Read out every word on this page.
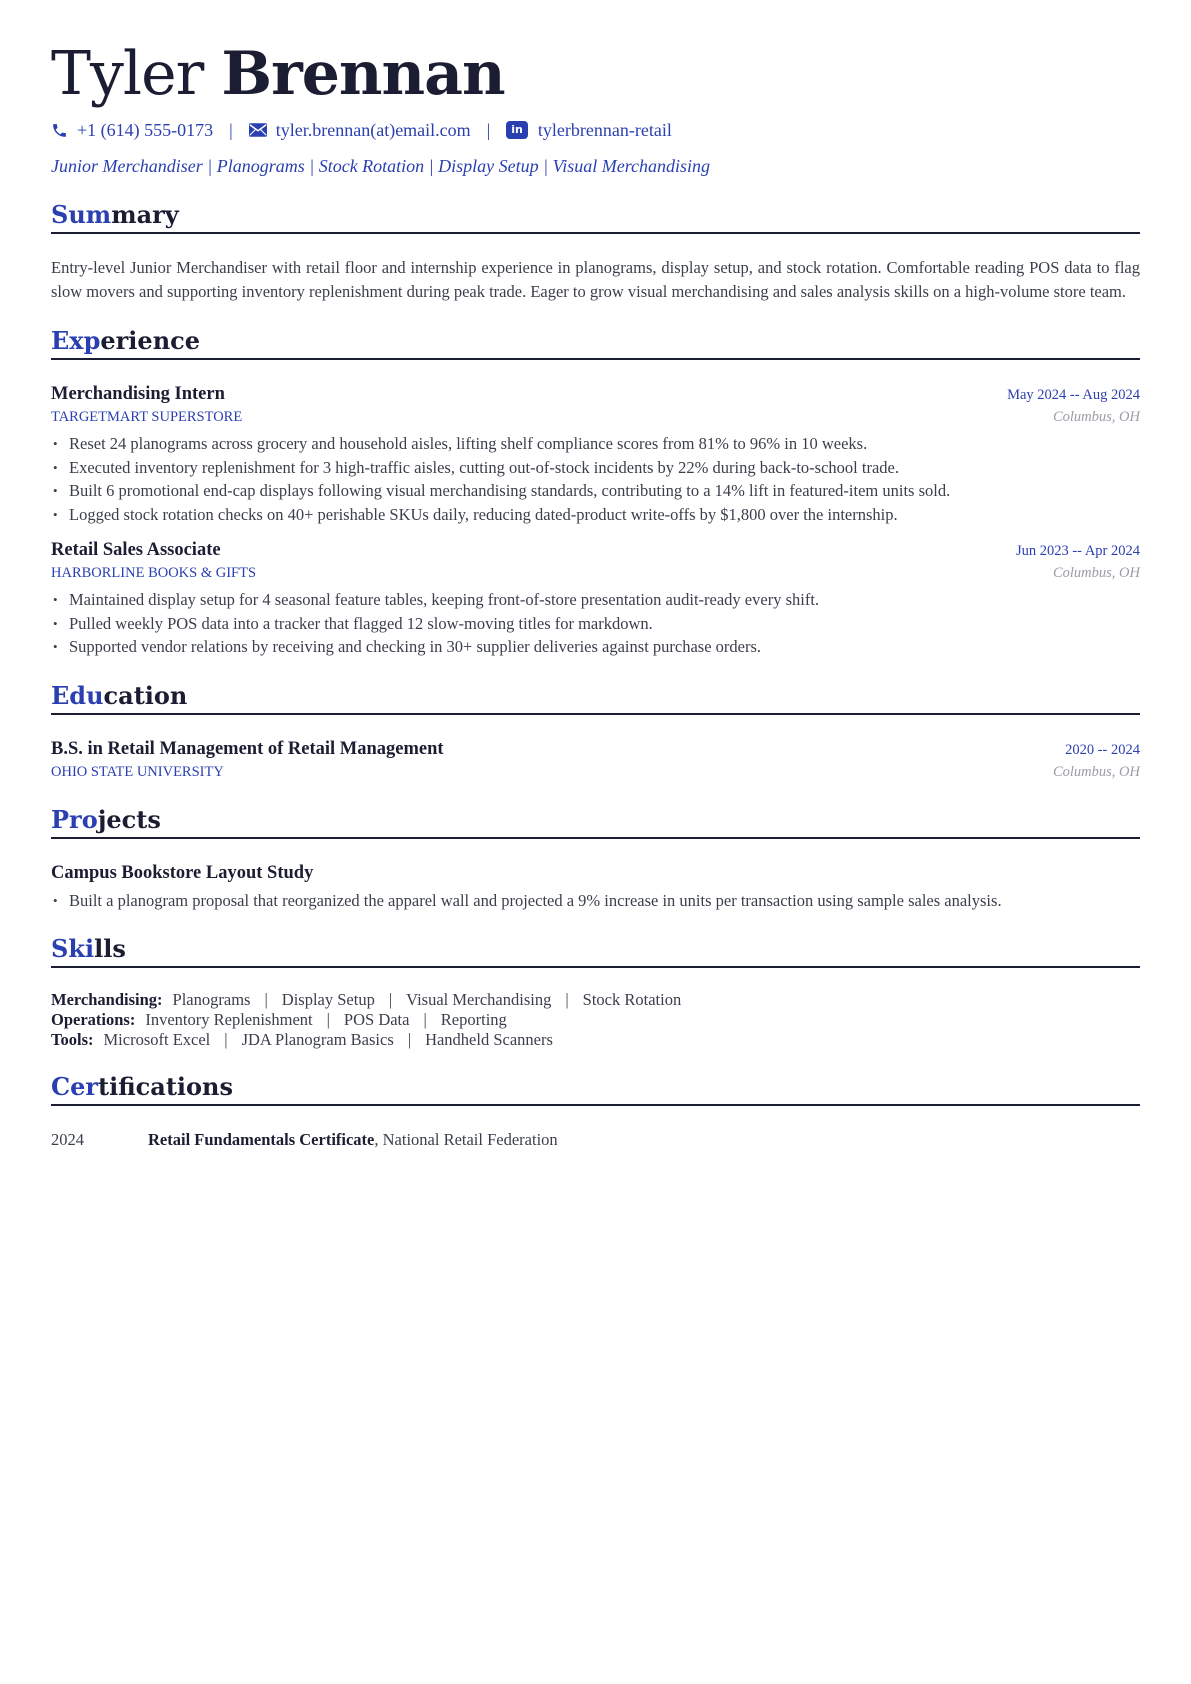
Tyler Brennan
+1 (614) 555-0173 | tyler.brennan(at)email.com |	in tylerbrennan-retail
Junior Merchandiser | Planograms | Stock Rotation | Display Setup | Visual Merchandising
Summary

Entry-level Junior Merchandiser with retail floor and internship experience in planograms, display setup, and stock rotation. Comfortable reading POS data to flag slow movers and supporting inventory replenishment during peak trade. Eager to grow visual merchandising and sales analysis skills on a high-volume store team.

Experience
Merchandising Intern	May 2024 -- Aug 2024
TARGETMART SUPERSTORE	Columbus, OH
• Reset 24 planograms across grocery and household aisles, lifting shelf compliance scores from 81% to 96% in 10 weeks.
• Executed inventory replenishment for 3 high-traffic aisles, cutting out-of-stock incidents by 22% during back-to-school trade.
• Built 6 promotional end-cap displays following visual merchandising standards, contributing to a 14% lift in featured-item units sold.
• Logged stock rotation checks on 40+ perishable SKUs daily, reducing dated-product write-offs by $1,800 over the internship.
Retail Sales Associate	Jun 2023 -- Apr 2024
HARBORLINE BOOKS & GIFTS	Columbus, OH
• Maintained display setup for 4 seasonal feature tables, keeping front-of-store presentation audit-ready every shift.
• Pulled weekly POS data into a tracker that flagged 12 slow-moving titles for markdown.
• Supported vendor relations by receiving and checking in 30+ supplier deliveries against purchase orders.
Education
B.S. in Retail Management of Retail Management	2020 -- 2024
OHIO STATE UNIVERSITY	Columbus, OH
Projects
Campus Bookstore Layout Study
• Built a planogram proposal that reorganized the apparel wall and projected a 9% increase in units per transaction using sample sales analysis.
Skills
Merchandising: Planograms | Display Setup | Visual Merchandising | Stock Rotation
Operations: Inventory Replenishment | POS Data | Reporting
Tools: Microsoft Excel | JDA Planogram Basics | Handheld Scanners
Certifications
2024	Retail Fundamentals Certificate, National Retail Federation
